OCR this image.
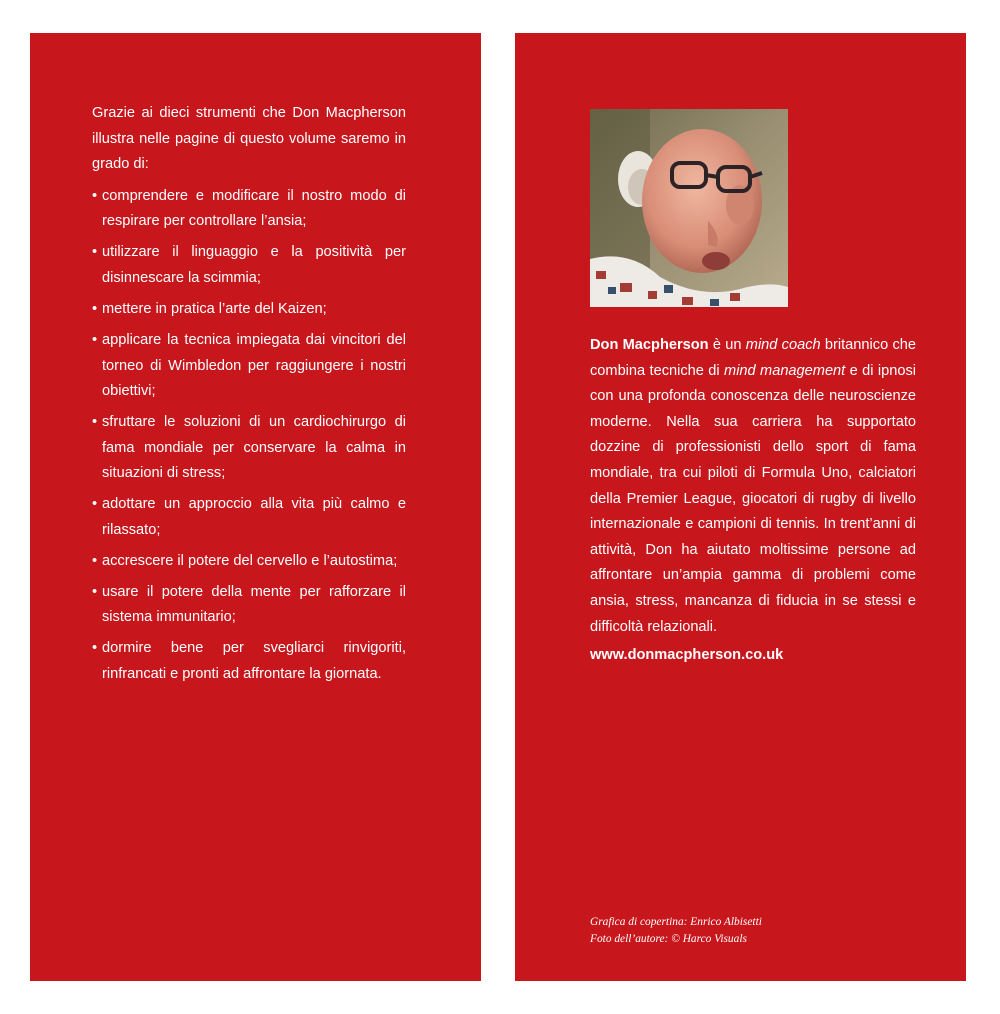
Grazie ai dieci strumenti che Don Macpherson illustra nelle pagine di questo volume saremo in grado di:

• comprendere e modificare il nostro modo di respirare per controllare l’ansia;
• utilizzare il linguaggio e la positività per disinnescare la scimmia;
• mettere in pratica l’arte del Kaizen;
• applicare la tecnica impiegata dai vincitori del torneo di Wimbledon per raggiungere i nostri obiettivi;
• sfruttare le soluzioni di un cardiochirurgo di fama mondiale per conservare la calma in situazioni di stress;
• adottare un approccio alla vita più calmo e rilassato;
• accrescere il potere del cervello e l’autostima;
• usare il potere della mente per rafforzare il sistema immunitario;
• dormire bene per svegliarci rinvigoriti, rinfrancati e pronti ad affrontare la giornata.

Don Macpherson è un mind coach britannico che combina tecniche di mind management e di ipnosi con una profonda conoscenza delle neuroscienze moderne. Nella sua carriera ha supportato dozzine di professionisti dello sport di fama mondiale, tra cui piloti di Formula Uno, calciatori della Premier League, giocatori di rugby di livello internazionale e campioni di tennis. In trent’anni di attività, Don ha aiutato moltissime persone ad affrontare un’ampia gamma di problemi come ansia, stress, mancanza di fiducia in se stessi e difficoltà relazionali.

www.donmacpherson.co.uk

Grafica di copertina: Enrico Albisetti

Foto dell’autore: © Harco Visuals
